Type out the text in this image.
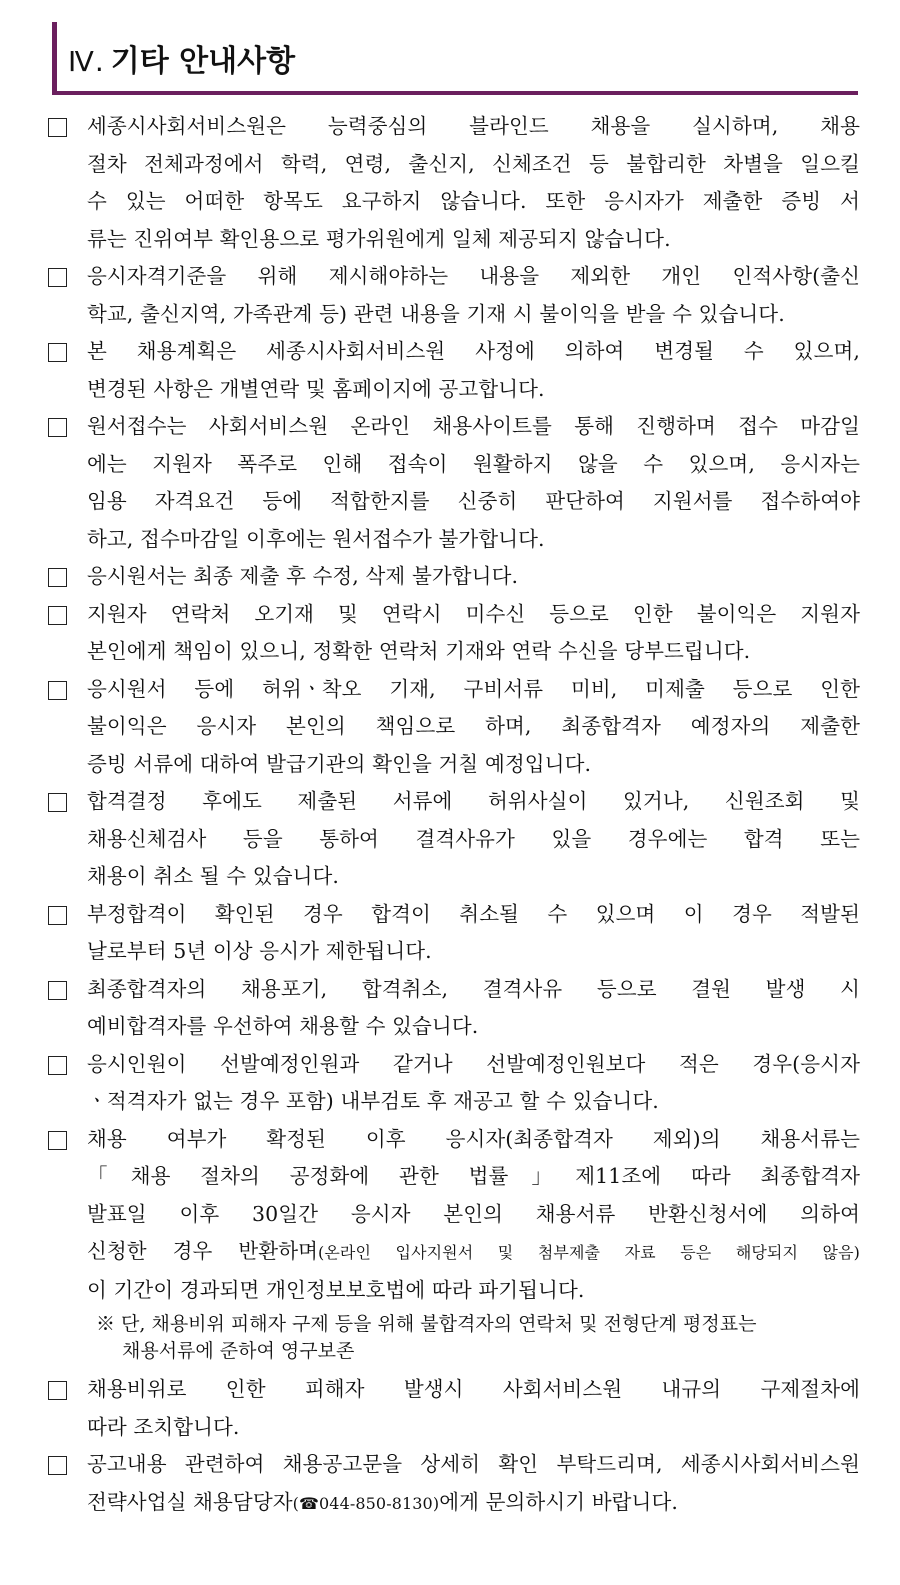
Ⅳ. 기타 안내사항
세종시사회서비스원은 능력중심의 블라인드 채용을 실시하며, 채용
절차 전체과정에서 학력, 연령, 출신지, 신체조건 등 불합리한 차별을 일으킬
수 있는 어떠한 항목도 요구하지 않습니다. 또한 응시자가 제출한 증빙 서
류는 진위여부 확인용으로 평가위원에게 일체 제공되지 않습니다.
응시자격기준을 위해 제시해야하는 내용을 제외한 개인 인적사항(출신
학교, 출신지역, 가족관계 등) 관련 내용을 기재 시 불이익을 받을 수 있습니다.
본 채용계획은 세종시사회서비스원 사정에 의하여 변경될 수 있으며,
변경된 사항은 개별연락 및 홈페이지에 공고합니다.
원서접수는 사회서비스원 온라인 채용사이트를 통해 진행하며 접수 마감일
에는 지원자 폭주로 인해 접속이 원활하지 않을 수 있으며, 응시자는
임용 자격요건 등에 적합한지를 신중히 판단하여 지원서를 접수하여야
하고, 접수마감일 이후에는 원서접수가 불가합니다.
응시원서는 최종 제출 후 수정, 삭제 불가합니다.
지원자 연락처 오기재 및 연락시 미수신 등으로 인한 불이익은 지원자
본인에게 책임이 있으니, 정확한 연락처 기재와 연락 수신을 당부드립니다.
응시원서 등에 허위ㆍ착오 기재, 구비서류 미비, 미제출 등으로 인한
불이익은 응시자 본인의 책임으로 하며, 최종합격자 예정자의 제출한
증빙 서류에 대하여 발급기관의 확인을 거칠 예정입니다.
합격결정 후에도 제출된 서류에 허위사실이 있거나, 신원조회 및
채용신체검사 등을 통하여 결격사유가 있을 경우에는 합격 또는
채용이 취소 될 수 있습니다.
부정합격이 확인된 경우 합격이 취소될 수 있으며 이 경우 적발된
날로부터 5년 이상 응시가 제한됩니다.
최종합격자의 채용포기, 합격취소, 결격사유 등으로 결원 발생 시
예비합격자를 우선하여 채용할 수 있습니다.
응시인원이 선발예정인원과 같거나 선발예정인원보다 적은 경우(응시자
ㆍ적격자가 없는 경우 포함) 내부검토 후 재공고 할 수 있습니다.
채용 여부가 확정된 이후 응시자(최종합격자 제외)의 채용서류는
「채용 절차의 공정화에 관한 법률」제11조에 따라 최종합격자
발표일 이후 30일간 응시자 본인의 채용서류 반환신청서에 의하여
신청한 경우 반환하며(온라인 입사지원서 및 첨부제출 자료 등은 해당되지 않음)
이 기간이 경과되면 개인정보보호법에 따라 파기됩니다.
※ 단, 채용비위 피해자 구제 등을 위해 불합격자의 연락처 및 전형단계 평정표는
채용서류에 준하여 영구보존
채용비위로 인한 피해자 발생시 사회서비스원 내규의 구제절차에
따라 조치합니다.
공고내용 관련하여 채용공고문을 상세히 확인 부탁드리며, 세종시사회서비스원
전략사업실 채용담당자(☎044-850-8130)에게 문의하시기 바랍니다.
